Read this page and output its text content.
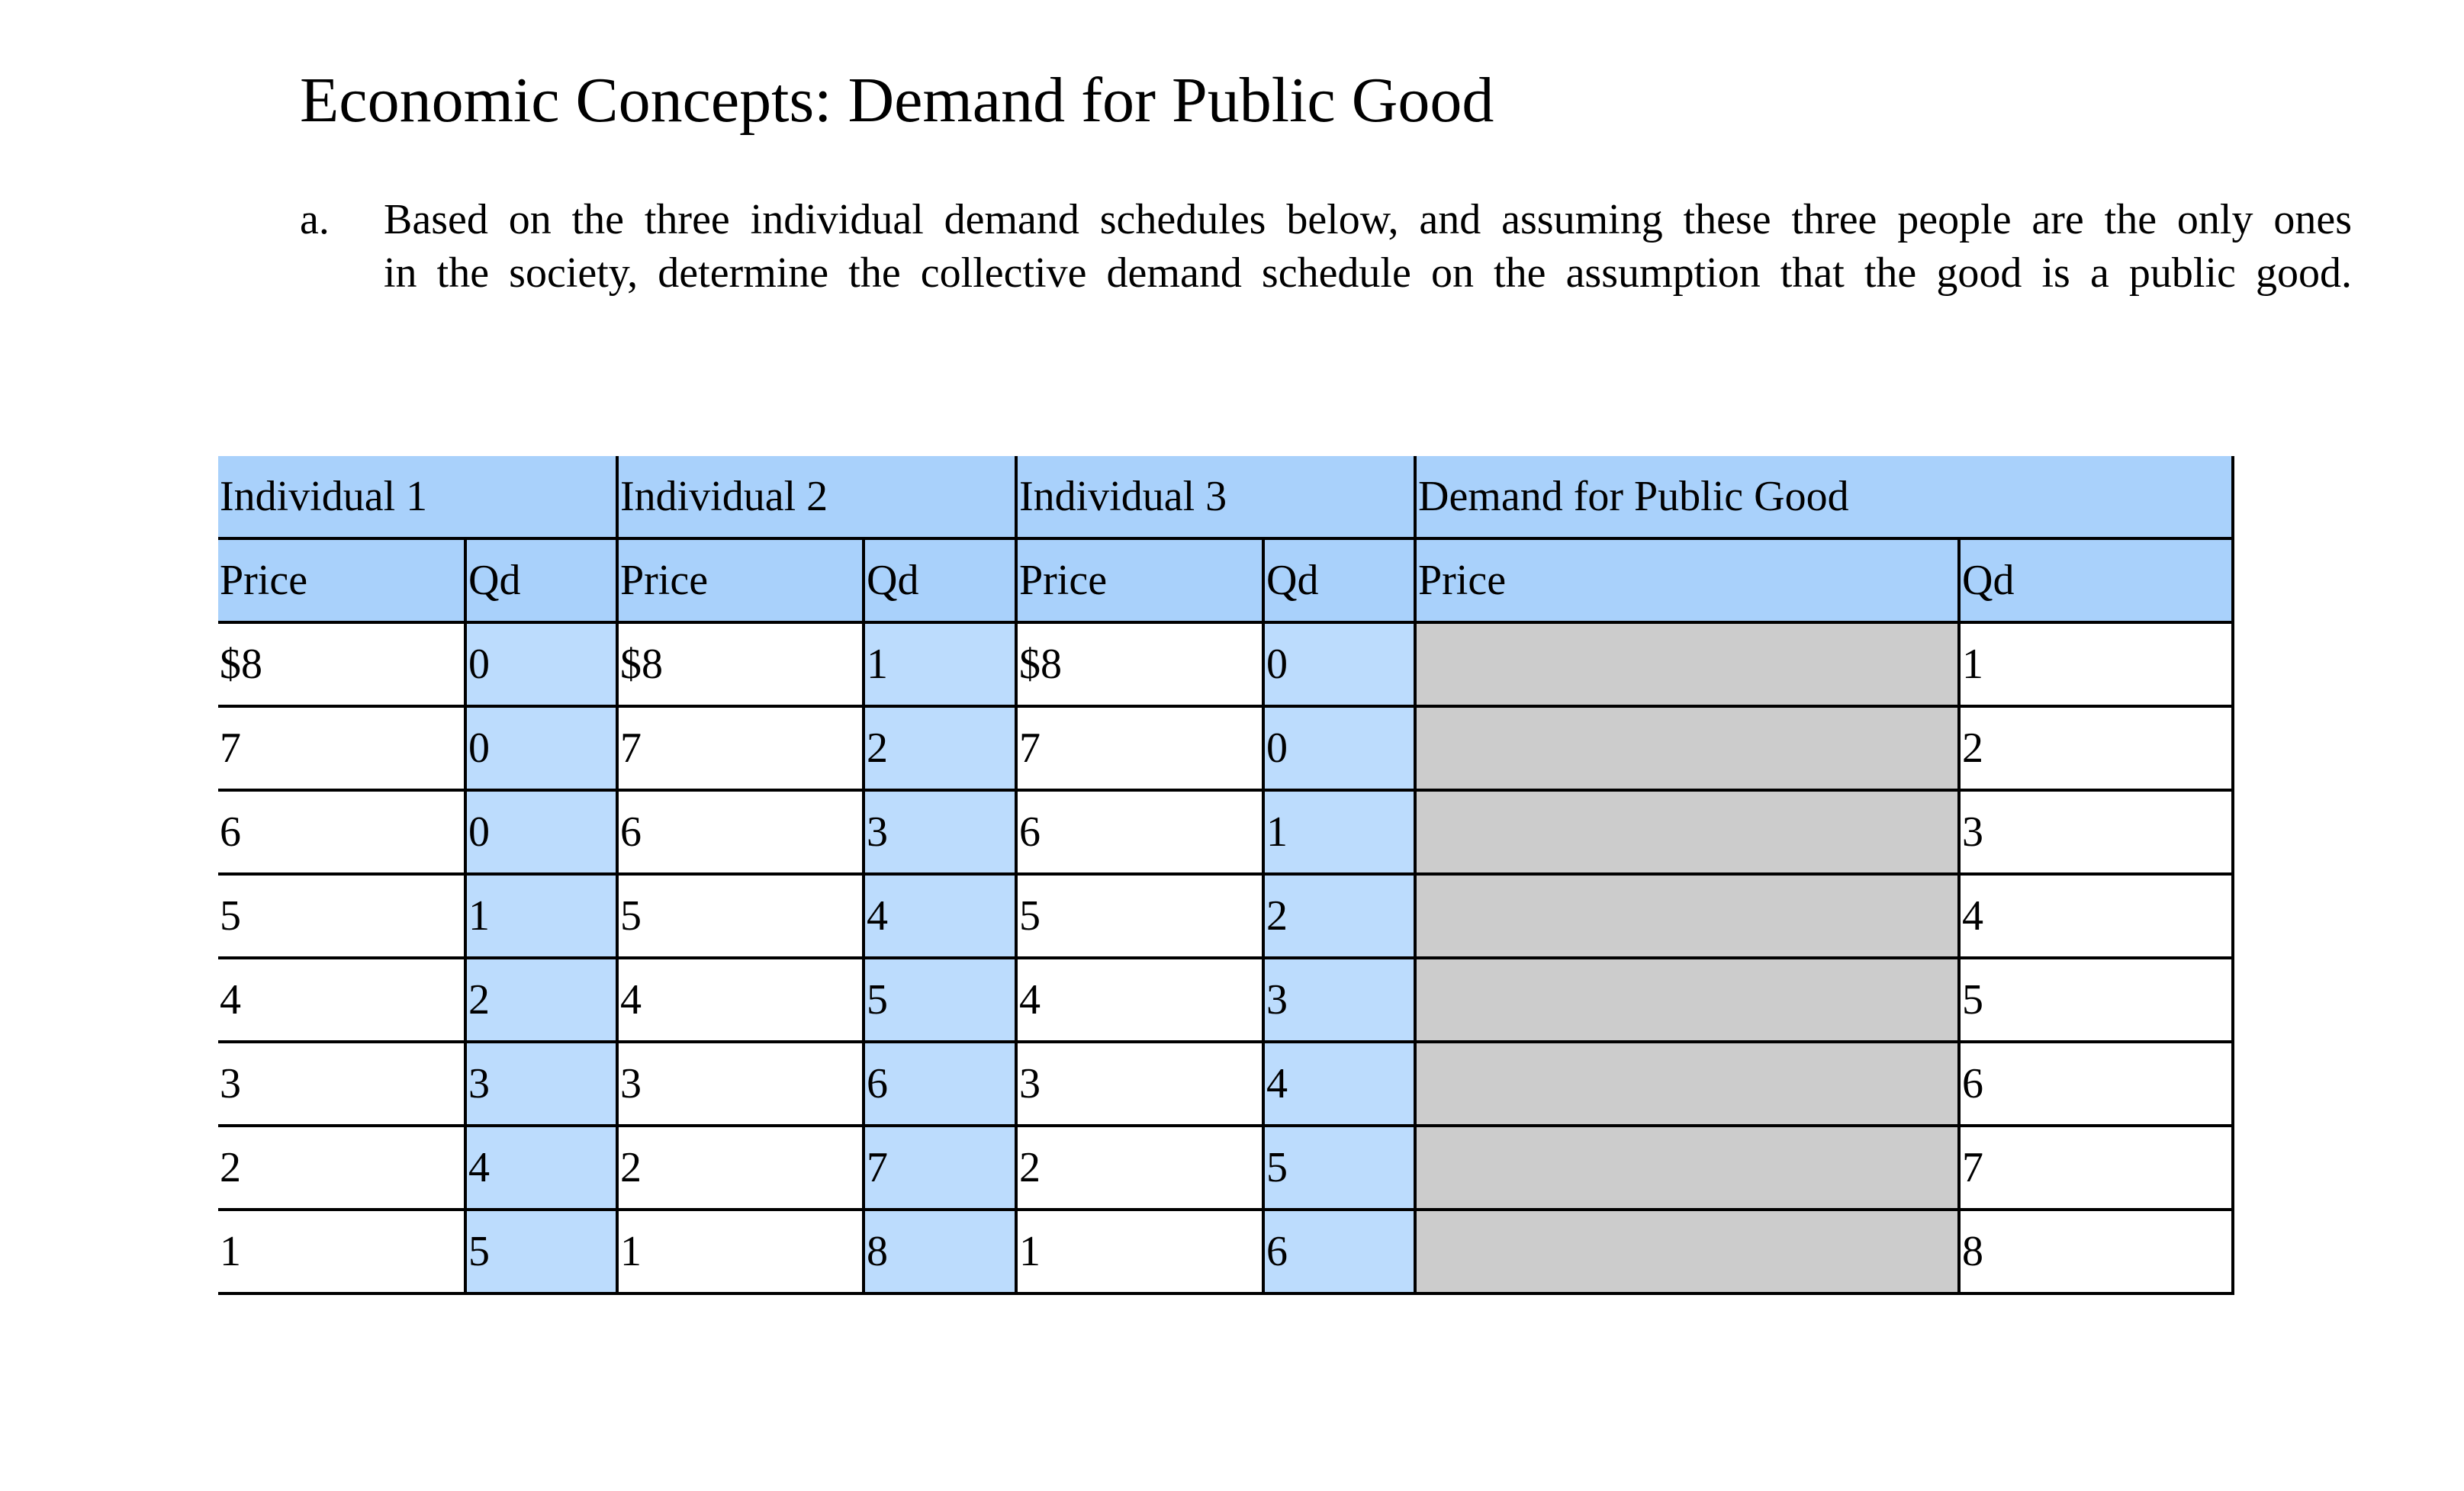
Economic Concepts: Demand for Public Good
a. Based on the three individual demand schedules below, and assuming these three people are the only ones
in the society, determine the collective demand schedule on the assumption that the good is a public good.
Individual 1		Individual 2		Individual 3		Demand for Public Good	
Price	Qd	Price	Qd	Price	Qd	Price	Qd
$8	0	$8	1	$8	0		1
7	0	7	2	7	0		2
6	0	6	3	6	1		3
5	1	5	4	5	2		4
4	2	4	5	4	3		5
3	3	3	6	3	4		6
2	4	2	7	2	5		7
1	5	1	8	1	6		8
